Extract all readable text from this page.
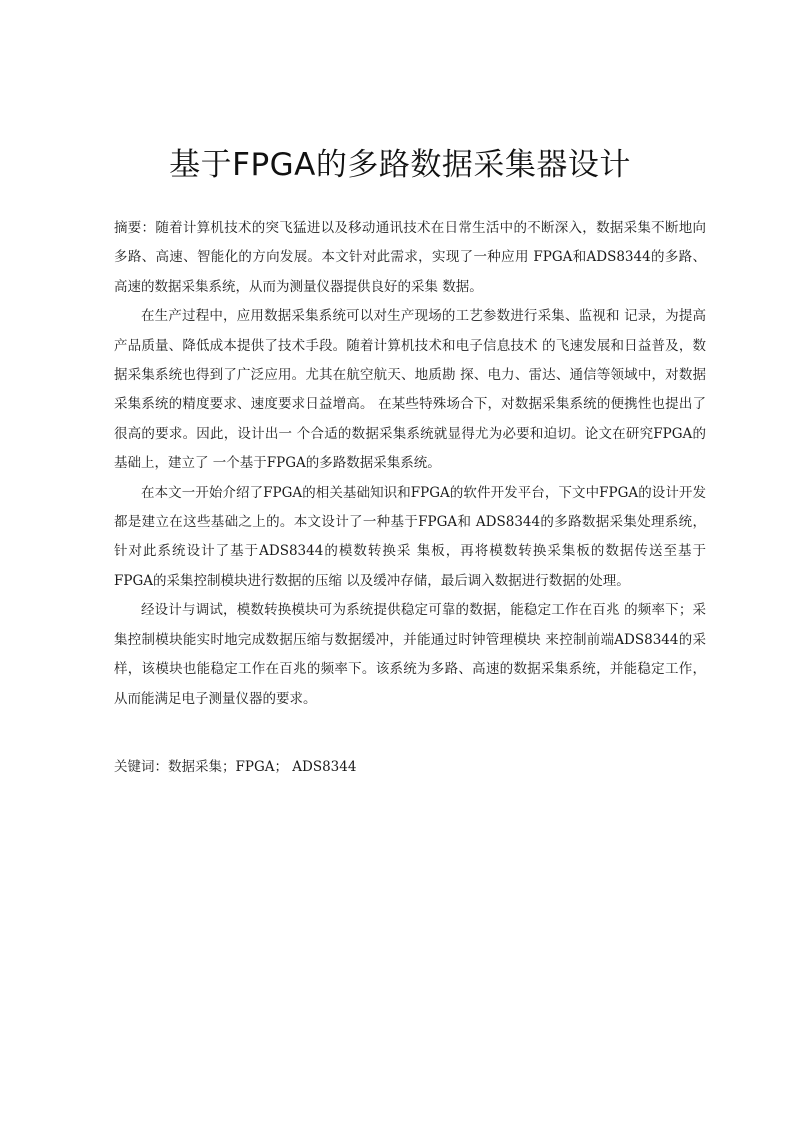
基于FPGA的多路数据采集器设计

摘要：随着计算机技术的突飞猛进以及移动通讯技术在日常生活中的不断深入，数据采集不断地向多路、高速、智能化的方向发展。本文针对此需求，实现了一种应用 FPGA和ADS8344的多路、高速的数据采集系统，从而为测量仪器提供良好的采集 数据。

在生产过程中，应用数据采集系统可以对生产现场的工艺参数进行采集、监视和 记录，为提高产品质量、降低成本提供了技术手段。随着计算机技术和电子信息技术 的飞速发展和日益普及，数据采集系统也得到了广泛应用。尤其在航空航天、地质勘 探、电力、雷达、通信等领域中，对数据采集系统的精度要求、速度要求日益增高。 在某些特殊场合下，对数据采集系统的便携性也提出了很高的要求。因此，设计出一 个合适的数据采集系统就显得尤为必要和迫切。论文在研究FPGA的基础上，建立了 一个基于FPGA的多路数据采集系统。

在本文一开始介绍了FPGA的相关基础知识和FPGA的软件开发平台，下文中FPGA的设计开发都是建立在这些基础之上的。本文设计了一种基于FPGA和 ADS8344的多路数据采集处理系统，针对此系统设计了基于ADS8344的模数转换采 集板，再将模数转换采集板的数据传送至基于FPGA的采集控制模块进行数据的压缩 以及缓冲存储，最后调入数据进行数据的处理。

经设计与调试，模数转换模块可为系统提供稳定可靠的数据，能稳定工作在百兆 的频率下；采集控制模块能实时地完成数据压缩与数据缓冲，并能通过时钟管理模块 来控制前端ADS8344的采样，该模块也能稳定工作在百兆的频率下。该系统为多路、高速的数据采集系统，并能稳定工作，从而能满足电子测量仪器的要求。

关键词：数据采集；FPGA； ADS8344
